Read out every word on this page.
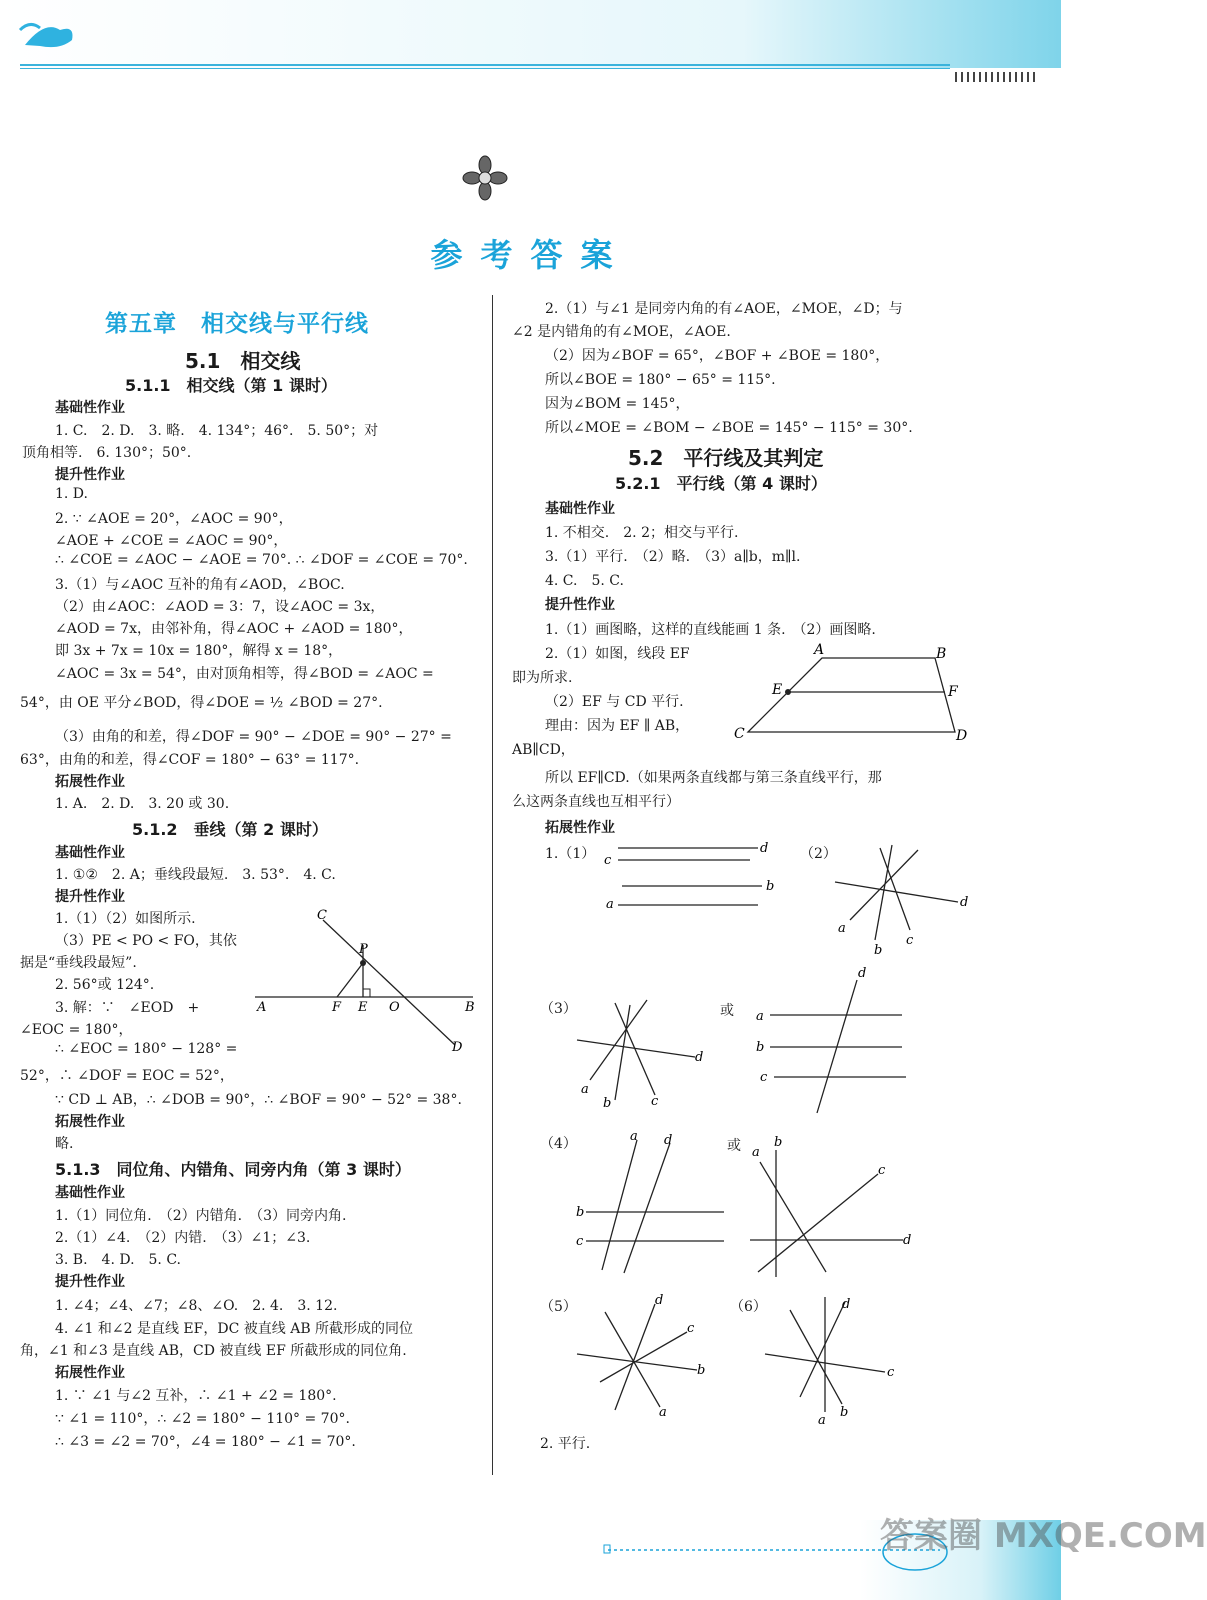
参考答案
第五章　相交线与平行线
5.1　相交线
5.1.1　相交线（第 1 课时）
基础性作业
1. C.　2. D.　3. 略.　4. 134°；46°.　5. 50°；对
顶角相等.　6. 130°；50°.
提升性作业
1. D.
2. ∵ ∠AOE = 20°，∠AOC = 90°，
∠AOE + ∠COE = ∠AOC = 90°，
∴ ∠COE = ∠AOC − ∠AOE = 70°. ∴ ∠DOF = ∠COE = 70°.
3.（1）与∠AOC 互补的角有∠AOD，∠BOC.
（2）由∠AOC：∠AOD = 3：7，设∠AOC = 3x，
∠AOD = 7x，由邻补角，得∠AOC + ∠AOD = 180°，
即 3x + 7x = 10x = 180°，解得 x = 18°，
∠AOC = 3x = 54°，由对顶角相等，得∠BOD = ∠AOC =
54°，由 OE 平分∠BOD，得∠DOE = ½ ∠BOD = 27°.
（3）由角的和差，得∠DOF = 90° − ∠DOE = 90° − 27° =
63°，由角的和差，得∠COF = 180° − 63° = 117°.
拓展性作业
1. A.　2. D.　3. 20 或 30.
5.1.2　垂线（第 2 课时）
基础性作业
1. ①②　2. A；垂线段最短.　3. 53°.　4. C.
提升性作业
1.（1）（2）如图所示.
（3）PE < PO < FO，其依
据是“垂线段最短”.
2. 56°或 124°.
3. 解：∵　∠EOD　+
∠EOC = 180°，
∴ ∠EOC = 180° − 128° =
52°，∴ ∠DOF = EOC = 52°，
∵ CD ⊥ AB，∴ ∠DOB = 90°，∴ ∠BOF = 90° − 52° = 38°.
拓展性作业
略.
C
P
A	F E O	B
D
5.1.3　同位角、内错角、同旁内角（第 3 课时）
基础性作业
1.（1）同位角.　（2）内错角.　（3）同旁内角.
2.（1）∠4.　（2）内错.　（3）∠1；∠3.
3. B.　4. D.　5. C.
提升性作业
1. ∠4；∠4、∠7；∠8、∠O.　2. 4.　3. 12.
4. ∠1 和∠2 是直线 EF，DC 被直线 AB 所截形成的同位
角，∠1 和∠3 是直线 AB，CD 被直线 EF 所截形成的同位角.
拓展性作业
1. ∵ ∠1 与∠2 互补，∴ ∠1 + ∠2 = 180°.
∵ ∠1 = 110°，∴ ∠2 = 180° − 110° = 70°.
∴ ∠3 = ∠2 = 70°，∠4 = 180° − ∠1 = 70°.
2.（1）与∠1 是同旁内角的有∠AOE，∠MOE，∠D；与
∠2 是内错角的有∠MOE，∠AOE.
（2）因为∠BOF = 65°，∠BOF + ∠BOE = 180°，
所以∠BOE = 180° − 65° = 115°.
因为∠BOM = 145°，
所以∠MOE = ∠BOM − ∠BOE = 145° − 115° = 30°.
5.2　平行线及其判定
5.2.1　平行线（第 4 课时）
基础性作业
1. 不相交.　2. 2；相交与平行.
3.（1）平行.　（2）略.　（3）a∥b，m∥l.
4. C.　5. C.
提升性作业
1.（1）画图略，这样的直线能画 1 条.　（2）画图略.
2.（1）如图，线段 EF
即为所求.
（2）EF 与 CD 平行.
理由：因为 EF ∥ AB，
AB∥CD，
所以 EF∥CD.（如果两条直线都与第三条直线平行，那
么这两条直线也互相平行）
拓展性作业
A	B
E	F
C	D
1.（1）	d
c
b
a
（2）
a
b
c
d
（3）
a
b	c
d
或
d
a
b
c
（4）	a d
b
c
或 a
b
c
d
（5）	d
c
b
a
（6）	d
c
b
a
2. 平行.
答案圈 MXQE.COM
